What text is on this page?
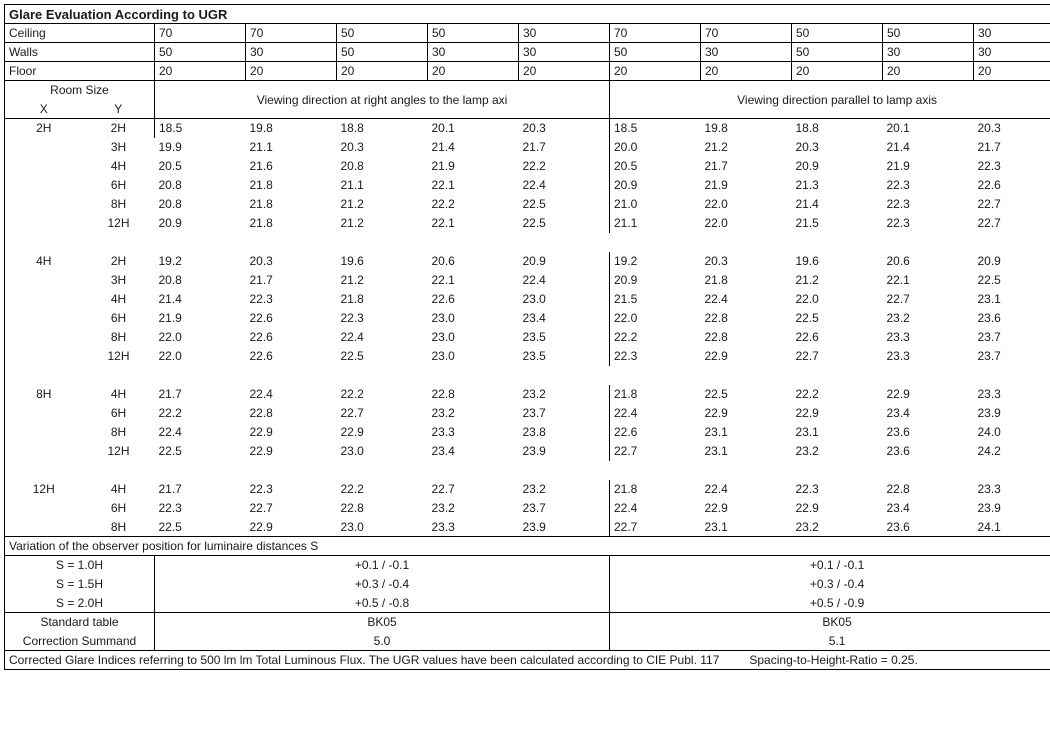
Glare Evaluation According to UGR											
Ceiling		70	70	50	50	30	70	70	50	50	30
Walls		50	30	50	30	30	50	30	50	30	30
Floor		20	20	20	20	20	20	20	20	20	20
Room Size		Viewing direction at right angles to the lamp axi					Viewing direction parallel to lamp axis				
X	Y										
2H	2H	18.5	19.8	18.8	20.1	20.3	18.5	19.8	18.8	20.1	20.3
	3H	19.9	21.1	20.3	21.4	21.7	20.0	21.2	20.3	21.4	21.7
	4H	20.5	21.6	20.8	21.9	22.2	20.5	21.7	20.9	21.9	22.3
	6H	20.8	21.8	21.1	22.1	22.4	20.9	21.9	21.3	22.3	22.6
	8H	20.8	21.8	21.2	22.2	22.5	21.0	22.0	21.4	22.3	22.7
	12H	20.9	21.8	21.2	22.1	22.5	21.1	22.0	21.5	22.3	22.7

4H	2H	19.2	20.3	19.6	20.6	20.9	19.2	20.3	19.6	20.6	20.9
	3H	20.8	21.7	21.2	22.1	22.4	20.9	21.8	21.2	22.1	22.5
	4H	21.4	22.3	21.8	22.6	23.0	21.5	22.4	22.0	22.7	23.1
	6H	21.9	22.6	22.3	23.0	23.4	22.0	22.8	22.5	23.2	23.6
	8H	22.0	22.6	22.4	23.0	23.5	22.2	22.8	22.6	23.3	23.7
	12H	22.0	22.6	22.5	23.0	23.5	22.3	22.9	22.7	23.3	23.7

8H	4H	21.7	22.4	22.2	22.8	23.2	21.8	22.5	22.2	22.9	23.3
	6H	22.2	22.8	22.7	23.2	23.7	22.4	22.9	22.9	23.4	23.9
	8H	22.4	22.9	22.9	23.3	23.8	22.6	23.1	23.1	23.6	24.0
	12H	22.5	22.9	23.0	23.4	23.9	22.7	23.1	23.2	23.6	24.2

12H	4H	21.7	22.3	22.2	22.7	23.2	21.8	22.4	22.3	22.8	23.3
	6H	22.3	22.7	22.8	23.2	23.7	22.4	22.9	22.9	23.4	23.9
	8H	22.5	22.9	23.0	23.3	23.9	22.7	23.1	23.2	23.6	24.1
Variation of the observer position for luminaire distances S											
S = 1.0H		+0.1 / -0.1					+0.1 / -0.1				
S = 1.5H		+0.3 / -0.4					+0.3 / -0.4				
S = 2.0H		+0.5 / -0.8					+0.5 / -0.9				
Standard table		BK05					BK05				
Correction Summand		5.0					5.1				
Corrected Glare Indices referring to 500 lm lm Total Luminous Flux. The UGR values have been calculated according to CIE Publ. 117 Spacing-to-Height-Ratio = 0.25.											
